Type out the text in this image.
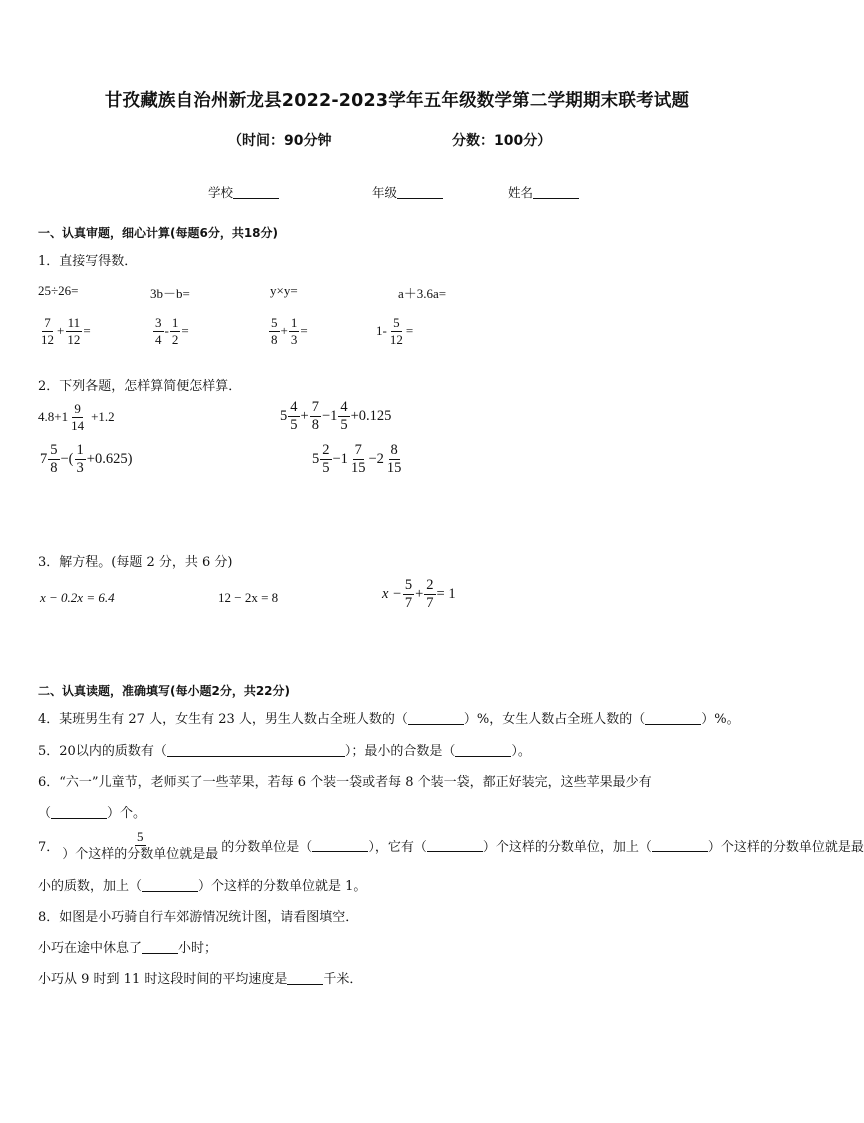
甘孜藏族自治州新龙县2022-2023学年五年级数学第二学期期末联考试题
（时间：90分钟	分数：100分）
学校	年级	姓名
一、认真审题，细心计算(每题6分，共18分)
1．直接写得数．
25÷26=	3b－b=	y×y=	a＋3.6a=
$\frac{7}{12} + \frac{11}{12}$ =	$\frac{3}{4} - \frac{1}{2}$ =	$\frac{5}{8} + \frac{1}{3}$ =	$1- \frac{5}{12}$ =
2．下列各题，怎样算简便怎样算．
$4.8+1 \frac{9}{14} +1.2$	$5 \frac{4}{5} + \frac{7}{8} -1 \frac{4}{5} +0.125$
$7 \frac{5}{8}$ −( $\frac{1}{3} +0.625$)	$5 \frac{2}{5} -1 \frac{7}{15} -2 \frac{8}{15}$
3．解方程。(每题 2 分，共 6 分)
x − 0.2x = 6.4	12 − 2x = 8	$x - \frac{5}{7} + \frac{2}{7} = 1$
二、认真读题，准确填写(每小题2分，共22分)
4．某班男生有 27 人，女生有 23 人，男生人数占全班人数的（	）%，女生人数占全班人数的（	）%。
5．20以内的质数有（	）；最小的合数是（	）。
6．“六一”儿童节，老师买了一些苹果，若每 6 个装一袋或者每 8 个装一袋，都正好装完，这些苹果最少有
（	）个。
7． $\frac{5}{\text{）个这样的分数单位就是最}}$ 的分数单位是（	），它有（	）个这样的分数单位，加上（	）个这样的分数单位就是最
小的质数，加上（	）个这样的分数单位就是 1。
8．如图是小巧骑自行车郊游情况统计图，请看图填空．
小巧在途中休息了	小时；
小巧从 9 时到 11 时这段时间的平均速度是	千米．
